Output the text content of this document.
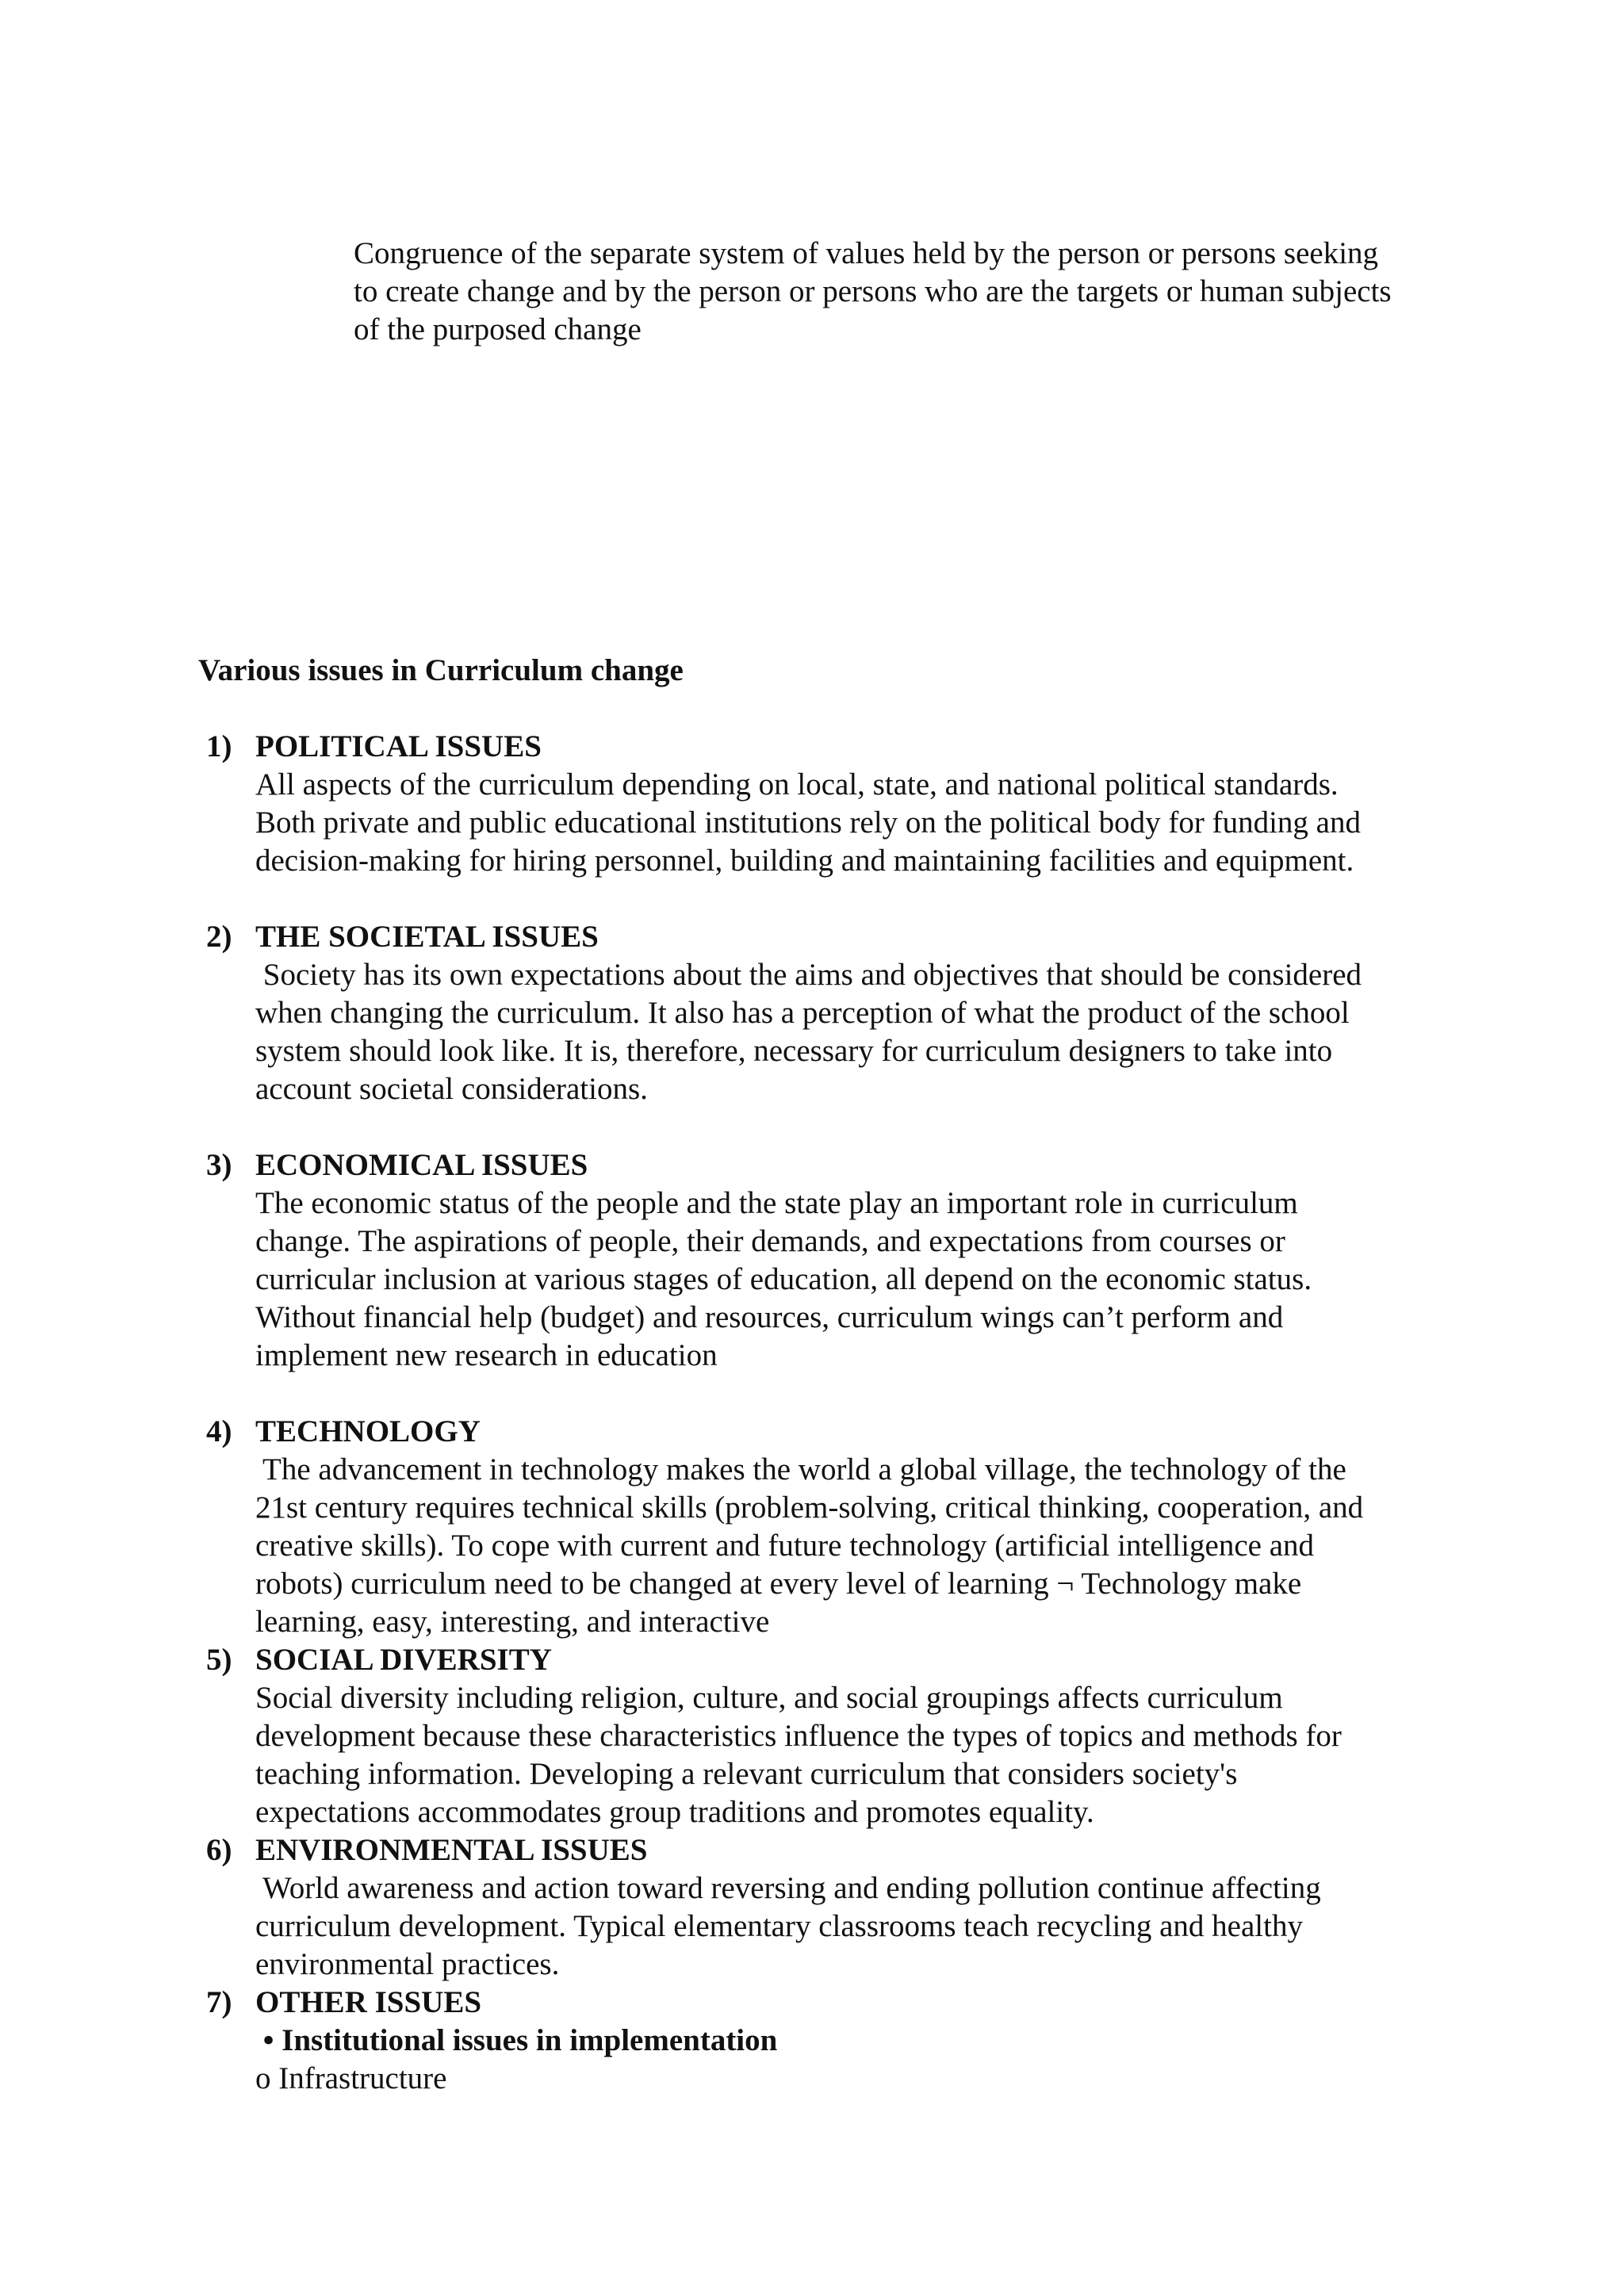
Congruence of the separate system of values held by the person or persons seeking to create change and by the person or persons who are the targets or human subjects of the purposed change
Various issues in Curriculum change
1) POLITICAL ISSUES
All aspects of the curriculum depending on local, state, and national political standards.
Both private and public educational institutions rely on the political body for funding and
decision-making for hiring personnel, building and maintaining facilities and equipment.
2) THE SOCIETAL ISSUES
Society has its own expectations about the aims and objectives that should be considered
when changing the curriculum. It also has a perception of what the product of the school
system should look like. It is, therefore, necessary for curriculum designers to take into
account societal considerations.
3) ECONOMICAL ISSUES
The economic status of the people and the state play an important role in curriculum
change. The aspirations of people, their demands, and expectations from courses or
curricular inclusion at various stages of education, all depend on the economic status.
Without financial help (budget) and resources, curriculum wings can’t perform and
implement new research in education
4) TECHNOLOGY
The advancement in technology makes the world a global village, the technology of the
21st century requires technical skills (problem-solving, critical thinking, cooperation, and
creative skills). To cope with current and future technology (artificial intelligence and
robots) curriculum need to be changed at every level of learning ¬ Technology make
learning, easy, interesting, and interactive
5) SOCIAL DIVERSITY
Social diversity including religion, culture, and social groupings affects curriculum
development because these characteristics influence the types of topics and methods for
teaching information. Developing a relevant curriculum that considers society's
expectations accommodates group traditions and promotes equality.
6) ENVIRONMENTAL ISSUES
World awareness and action toward reversing and ending pollution continue affecting
curriculum development. Typical elementary classrooms teach recycling and healthy
environmental practices.
7) OTHER ISSUES
• Institutional issues in implementation
o Infrastructure
